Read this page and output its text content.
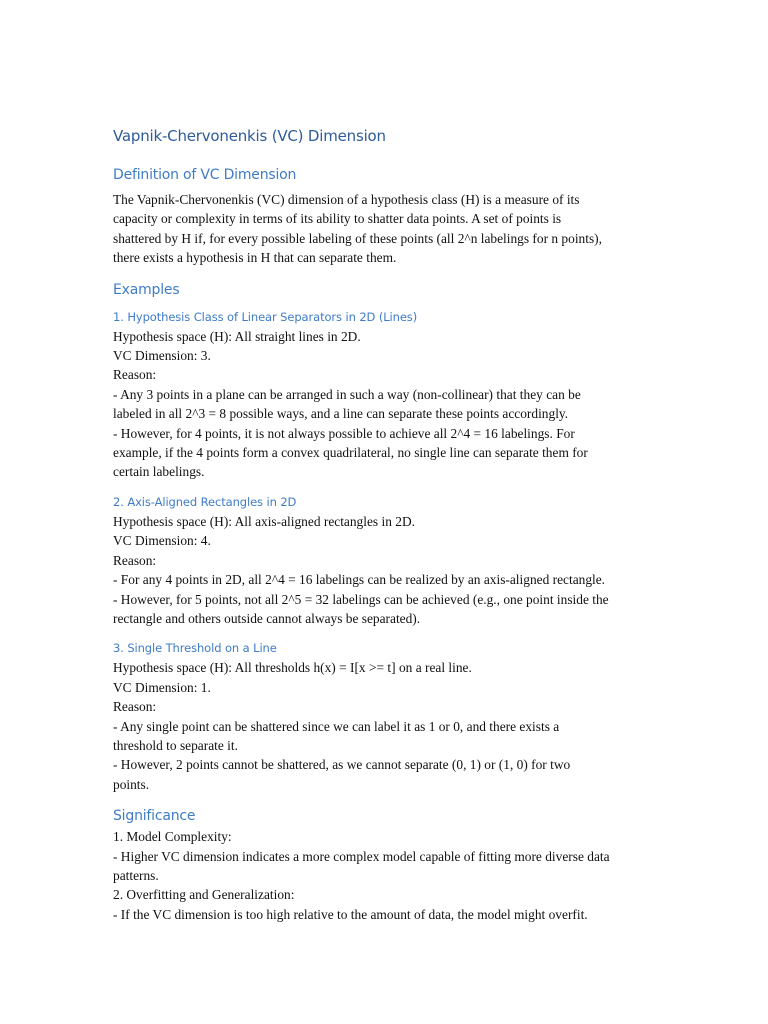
Vapnik-Chervonenkis (VC) Dimension
Definition of VC Dimension
The Vapnik-Chervonenkis (VC) dimension of a hypothesis class (H) is a measure of its
capacity or complexity in terms of its ability to shatter data points. A set of points is
shattered by H if, for every possible labeling of these points (all 2^n labelings for n points),
there exists a hypothesis in H that can separate them.
Examples
1. Hypothesis Class of Linear Separators in 2D (Lines)
Hypothesis space (H): All straight lines in 2D.
VC Dimension: 3.
Reason:
- Any 3 points in a plane can be arranged in such a way (non-collinear) that they can be
labeled in all 2^3 = 8 possible ways, and a line can separate these points accordingly.
- However, for 4 points, it is not always possible to achieve all 2^4 = 16 labelings. For
example, if the 4 points form a convex quadrilateral, no single line can separate them for
certain labelings.
2. Axis-Aligned Rectangles in 2D
Hypothesis space (H): All axis-aligned rectangles in 2D.
VC Dimension: 4.
Reason:
- For any 4 points in 2D, all 2^4 = 16 labelings can be realized by an axis-aligned rectangle.
- However, for 5 points, not all 2^5 = 32 labelings can be achieved (e.g., one point inside the
rectangle and others outside cannot always be separated).
3. Single Threshold on a Line
Hypothesis space (H): All thresholds h(x) = I[x >= t] on a real line.
VC Dimension: 1.
Reason:
- Any single point can be shattered since we can label it as 1 or 0, and there exists a
threshold to separate it.
- However, 2 points cannot be shattered, as we cannot separate (0, 1) or (1, 0) for two
points.
Significance
1. Model Complexity:
- Higher VC dimension indicates a more complex model capable of fitting more diverse data
patterns.
2. Overfitting and Generalization:
- If the VC dimension is too high relative to the amount of data, the model might overfit.
